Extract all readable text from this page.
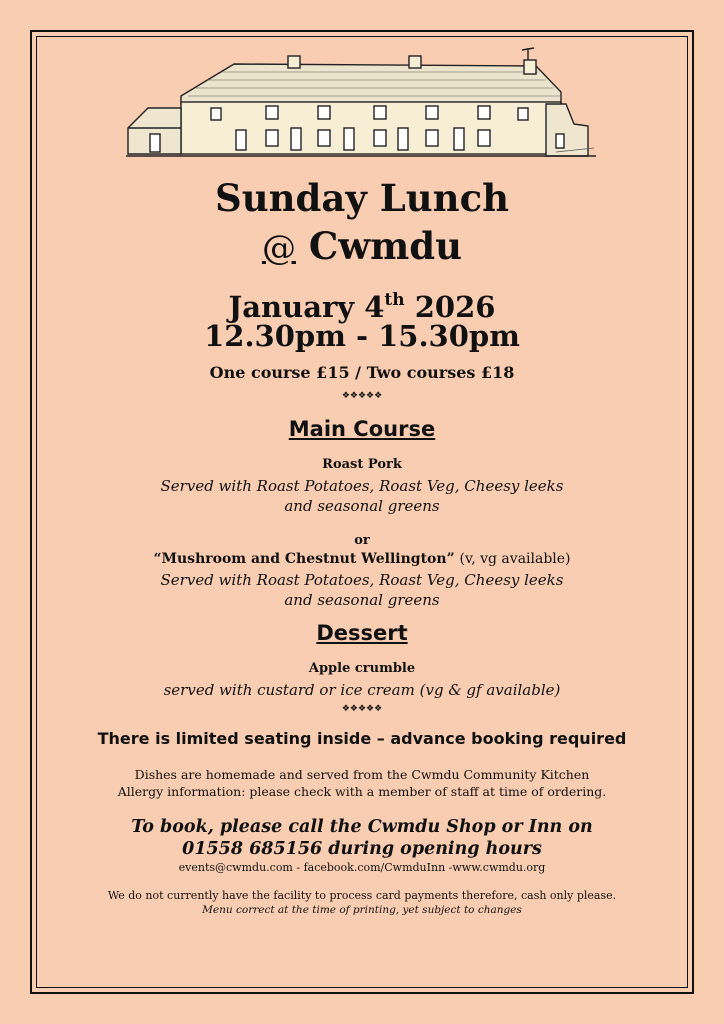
Sunday Lunch
@ Cwmdu
January 4th 2026
12.30pm - 15.30pm
One course £15 / Two courses £18
❖❖❖❖❖
Main Course
Roast Pork
Served with Roast Potatoes, Roast Veg, Cheesy leeks
and seasonal greens
or
“Mushroom and Chestnut Wellington” (v, vg available)
Served with Roast Potatoes, Roast Veg, Cheesy leeks
and seasonal greens
Dessert
Apple crumble
served with custard or ice cream (vg & gf available)
❖❖❖❖❖
There is limited seating inside – advance booking required
Dishes are homemade and served from the Cwmdu Community Kitchen
Allergy information: please check with a member of staff at time of ordering.
To book, please call the Cwmdu Shop or Inn on
01558 685156 during opening hours
events@cwmdu.com - facebook.com/CwmduInn -www.cwmdu.org
We do not currently have the facility to process card payments therefore, cash only please.
Menu correct at the time of printing, yet subject to changes
